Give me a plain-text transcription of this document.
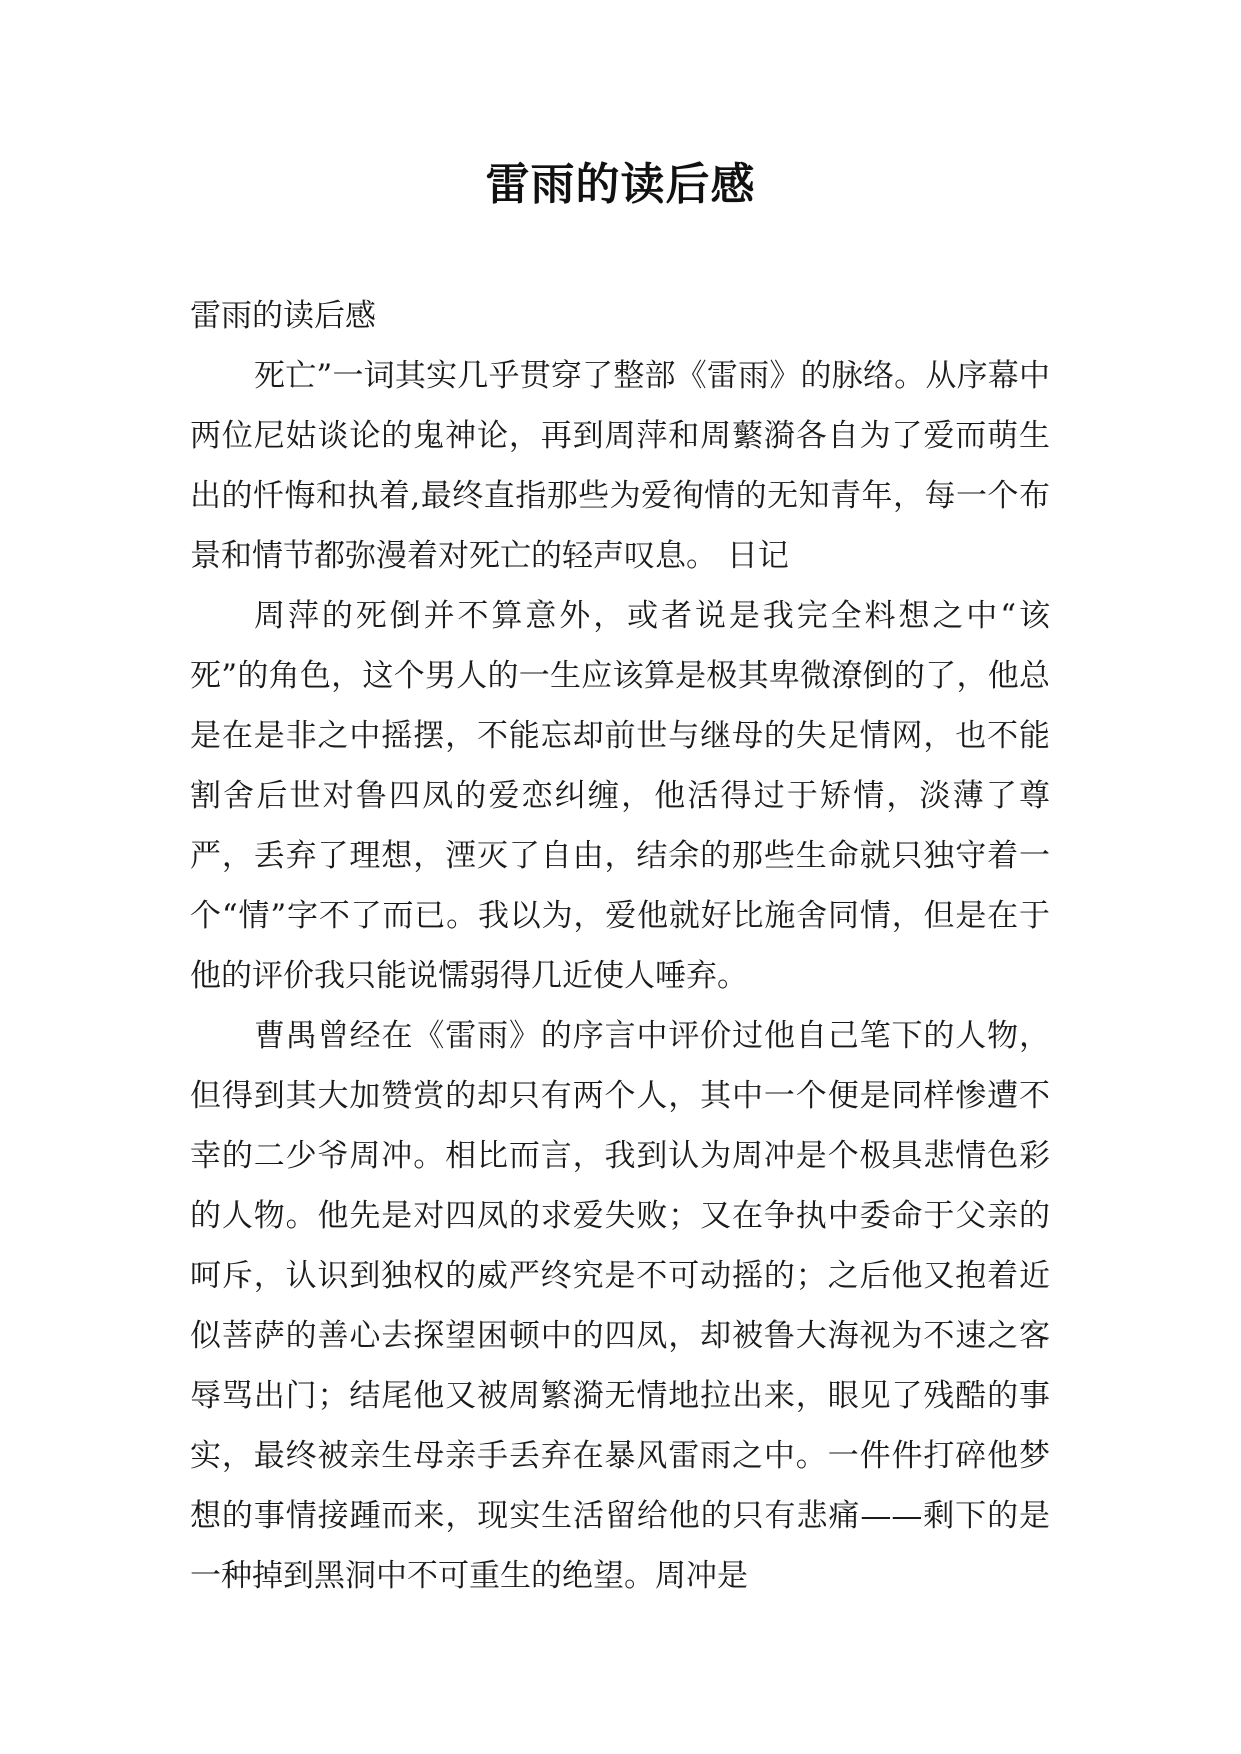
雷雨的读后感

雷雨的读后感

死亡”一词其实几乎贯穿了整部《雷雨》的脉络。从序幕中两位尼姑谈论的鬼神论，再到周萍和周蘩漪各自为了爱而萌生出的忏悔和执着,最终直指那些为爱徇情的无知青年，每一个布景和情节都弥漫着对死亡的轻声叹息。 日记

周萍的死倒并不算意外，或者说是我完全料想之中“该死”的角色，这个男人的一生应该算是极其卑微潦倒的了，他总是在是非之中摇摆，不能忘却前世与继母的失足情网，也不能割舍后世对鲁四凤的爱恋纠缠，他活得过于矫情，淡薄了尊严，丢弃了理想，湮灭了自由，结余的那些生命就只独守着一个“情”字不了而已。我以为，爱他就好比施舍同情，但是在于他的评价我只能说懦弱得几近使人唾弃。

曹禺曾经在《雷雨》的序言中评价过他自己笔下的人物，但得到其大加赞赏的却只有两个人，其中一个便是同样惨遭不幸的二少爷周冲。相比而言，我到认为周冲是个极具悲情色彩的人物。他先是对四凤的求爱失败；又在争执中委命于父亲的呵斥，认识到独权的威严终究是不可动摇的；之后他又抱着近似菩萨的善心去探望困顿中的四凤，却被鲁大海视为不速之客辱骂出门；结尾他又被周繁漪无情地拉出来，眼见了残酷的事实，最终被亲生母亲手丢弃在暴风雷雨之中。一件件打碎他梦想的事情接踵而来，现实生活留给他的只有悲痛——剩下的是一种掉到黑洞中不可重生的绝望。周冲是
